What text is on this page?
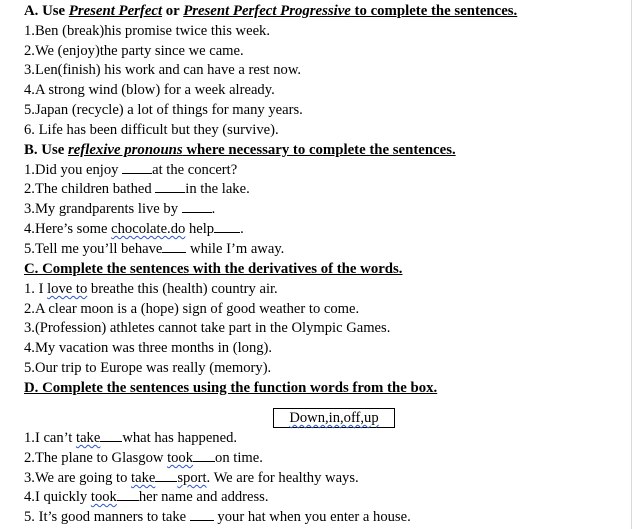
A. Use Present Perfect or Present Perfect Progressive to complete the sentences.
1.Ben (break)his promise twice this week.
2.We (enjoy)the party since we came.
3.Len(finish) his work and can have a rest now.
4.A strong wind (blow) for a week already.
5.Japan (recycle) a lot of things for many years.
6. Life has been difficult but they (survive).
B. Use reflexive pronouns where necessary to complete the sentences.
1.Did you enjoy at the concert?
2.The children bathed in the lake.
3.My grandparents live by .
4.Here’s some chocolate.do help .
5.Tell me you’ll behave while I’m away.
C. Complete the sentences with the derivatives of the words.
1. I love to breathe this (health) country air.
2.A clear moon is a (hope) sign of good weather to come.
3.(Profession) athletes cannot take part in the Olympic Games.
4.My vacation was three months in (long).
5.Our trip to Europe was really (memory).
D. Complete the sentences using the function words from the box.
1.I can’t take what has happened.
2.The plane to Glasgow took on time.
3.We are going to take sport. We are for healthy ways.
4.I quickly took her name and address.
5. It’s good manners to take  your hat when you enter a house.
Down,in,off,up
